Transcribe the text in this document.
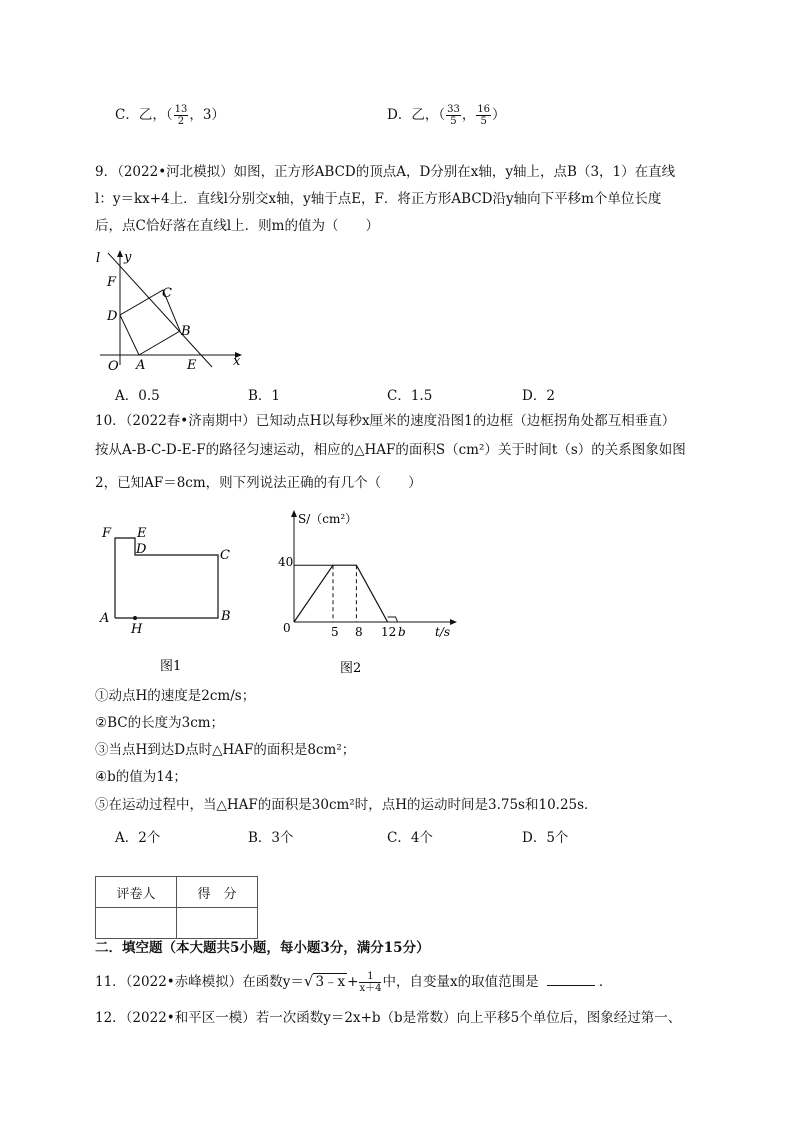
C．乙，（ $\frac{13}{2}$ ，3）	D．乙，（ $\frac{33}{5}$ ， $\frac{16}{5}$ ）
9．（2022•河北模拟）如图，正方形ABCD的顶点A，D分别在x轴，y轴上，点B（3，1）在直线
l：y＝kx+4上．直线l分别交x轴，y轴于点E，F．将正方形ABCD沿y轴向下平移m个单位长度
后，点C恰好落在直线l上．则m的值为（　　）
l y
x
O A
B
C
D
E
F
A．0.5	B．1	C．1.5	D．2
10．（2022春•济南期中）已知动点H以每秒x厘米的速度沿图1的边框（边框拐角处都互相垂直）
按从A-B-C-D-E-F的路径匀速运动，相应的△HAF的面积S（cm²）关于时间t（s）的关系图象如图
2，已知AF＝8cm，则下列说法正确的有几个（　　）
F E
D	C
A
H
B
图1
S/（cm²）
t/s
40
0	5 8 12 b
图2
①动点H的速度是2cm/s；
②BC的长度为3cm；
③当点H到达D点时△HAF的面积是8cm²；
④b的值为14；
⑤在运动过程中，当△HAF的面积是30cm²时，点H的运动时间是3.75s和10.25s．
A．2个	B．3个	C．4个	D．5个
评卷人	得　分

二．填空题（本大题共5小题，每小题3分，满分15分）
11．（2022•赤峰模拟）在函数y＝√ 3﹣x + $\frac{1}{x+4}$ 中，自变量x的取值范围是	．
12．（2022•和平区一模）若一次函数y＝2x+b（b是常数）向上平移5个单位后，图象经过第一、
